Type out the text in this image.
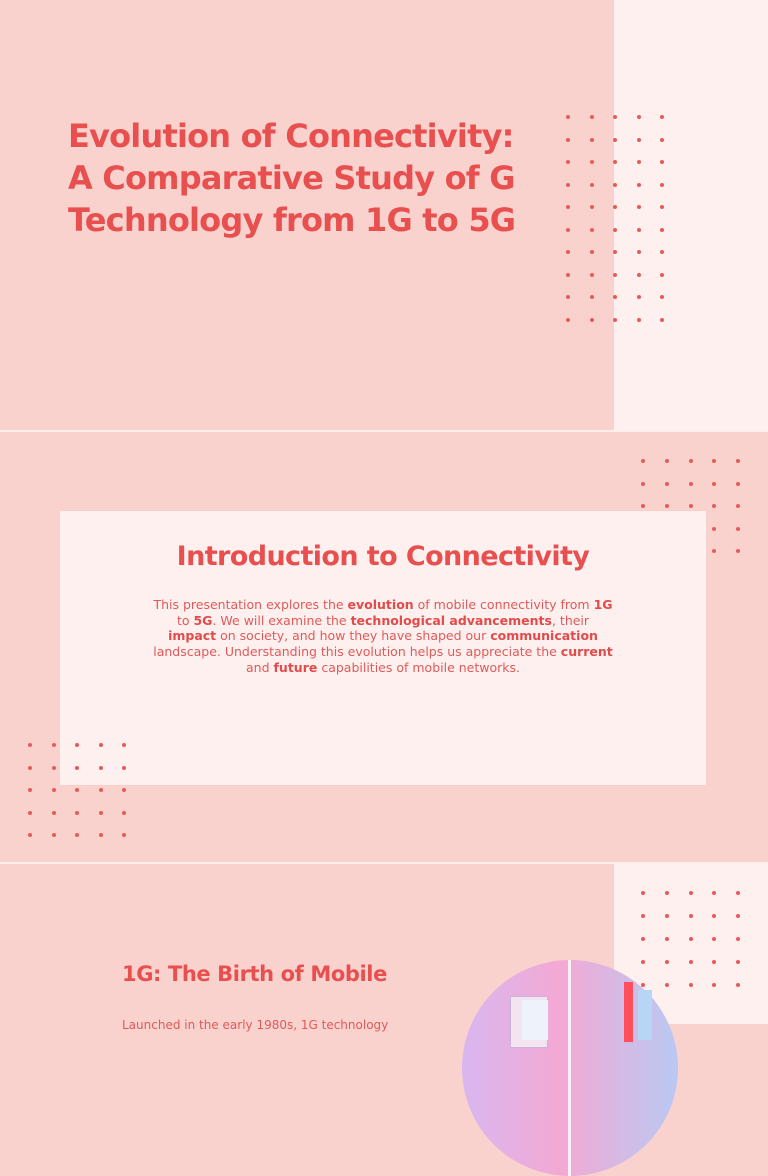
Evolution of Connectivity:
A Comparative Study of G
Technology from 1G to 5G
Introduction to Connectivity

This presentation explores the evolution of mobile connectivity from 1G to 5G. We will examine the technological advancements, their impact on society, and how they have shaped our communication landscape. Understanding this evolution helps us appreciate the current and future capabilities of mobile networks.

1G: The Birth of Mobile

Launched in the early 1980s, 1G technology
